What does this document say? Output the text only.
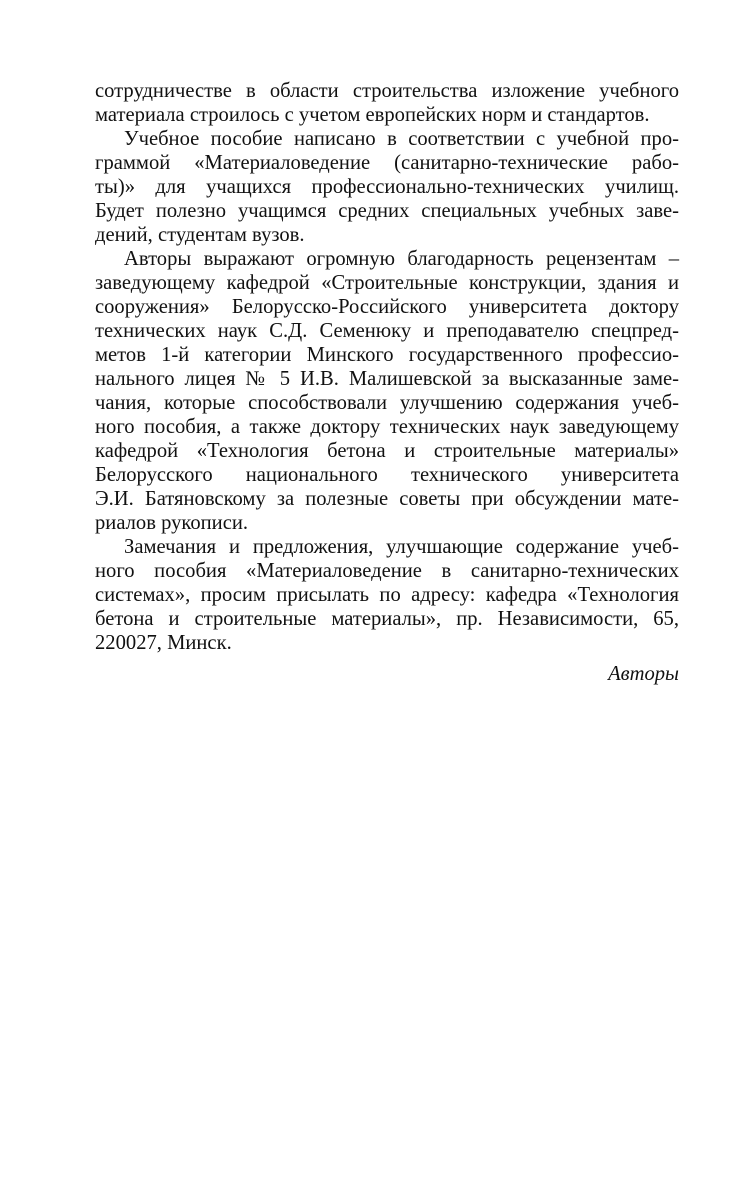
сотрудничестве в области строительства изложение учебного
материала строилось с учетом европейских норм и стандартов.
Учебное пособие написано в соответствии с учебной про-
граммой «Материаловедение (санитарно-технические рабо-
ты)» для учащихся профессионально-технических училищ.
Будет полезно учащимся средних специальных учебных заве-
дений, студентам вузов.
Авторы выражают огромную благодарность рецензентам –
заведующему кафедрой «Строительные конструкции, здания и
сооружения» Белорусско-Российского университета доктору
технических наук С.Д. Семенюку и преподавателю спецпред-
метов 1-й категории Минского государственного профессио-
нального лицея № 5 И.В. Малишевской за высказанные заме-
чания, которые способствовали улучшению содержания учеб-
ного пособия, а также доктору технических наук заведующему
кафедрой «Технология бетона и строительные материалы»
Белорусского национального технического университета
Э.И. Батяновскому за полезные советы при обсуждении мате-
риалов рукописи.
Замечания и предложения, улучшающие содержание учеб-
ного пособия «Материаловедение в санитарно-технических
системах», просим присылать по адресу: кафедра «Технология
бетона и строительные материалы», пр. Независимости, 65,
220027, Минск.
Авторы
